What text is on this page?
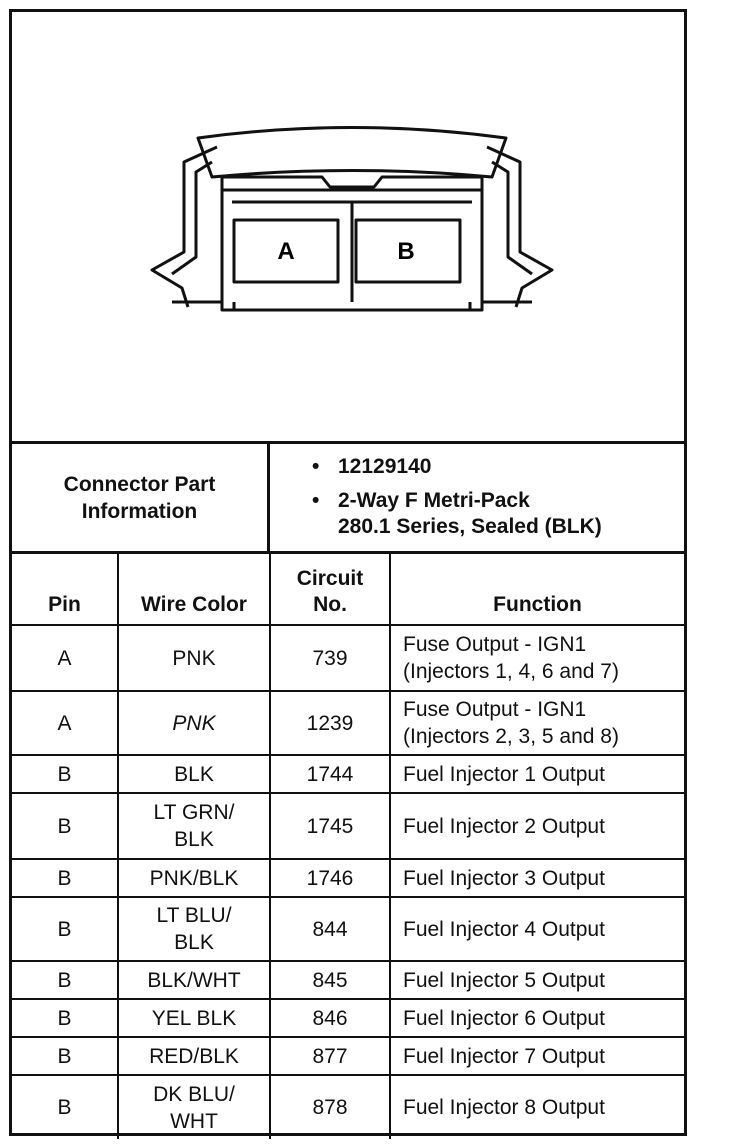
A	B
Connector Part
Information
• 12129140
• 2-Way F Metri-Pack
280.1 Series, Sealed (BLK)
Pin	Wire Color	Circuit
No.	Function

A	PNK	739	Fuse Output - IGN1
(Injectors 1, 4, 6 and 7)

A	PNK	1239	Fuse Output - IGN1
(Injectors 2, 3, 5 and 8)

B	BLK	1744	Fuel Injector 1 Output

B	LT GRN/
BLK	1745	Fuel Injector 2 Output

B	PNK/BLK	1746	Fuel Injector 3 Output

B	LT BLU/
BLK	844	Fuel Injector 4 Output

B	BLK/WHT	845	Fuel Injector 5 Output

B	YEL BLK	846	Fuel Injector 6 Output

B	RED/BLK	877	Fuel Injector 7 Output

B	DK BLU/
WHT	878	Fuel Injector 8 Output
